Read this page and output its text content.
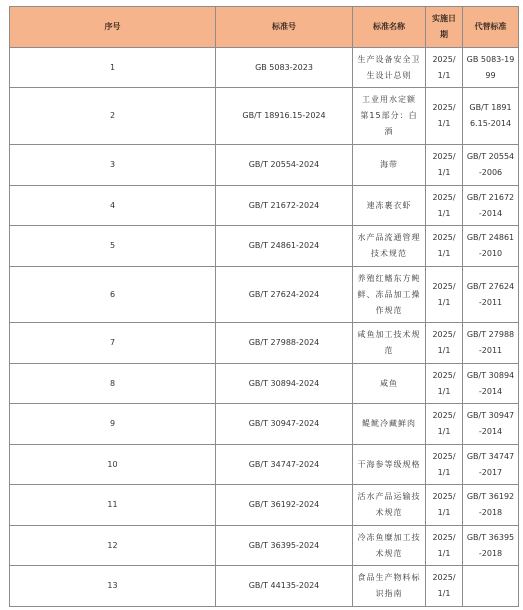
序号	标准号	标准名称	实施日期	代替标准
1	GB 5083-2023	生产设备安全卫生设计总则	2025/1/1	GB 5083-1999
2	GB/T 18916.15-2024	工业用水定额 第15部分：白酒	2025/1/1	GB/T 18916.15-2014
3	GB/T 20554-2024	海带	2025/1/1	GB/T 20554-2006
4	GB/T 21672-2024	速冻裹衣虾	2025/1/1	GB/T 21672-2014
5	GB/T 24861-2024	水产品流通管理技术规范	2025/1/1	GB/T 24861-2010
6	GB/T 27624-2024	养殖红鳍东方鲀鲜、冻品加工操作规范	2025/1/1	GB/T 27624-2011
7	GB/T 27988-2024	咸鱼加工技术规范	2025/1/1	GB/T 27988-2011
8	GB/T 30894-2024	咸鱼	2025/1/1	GB/T 30894-2014
9	GB/T 30947-2024	鳀鱿冷藏鲜肉	2025/1/1	GB/T 30947-2014
10	GB/T 34747-2024	干海参等级规格	2025/1/1	GB/T 34747-2017
11	GB/T 36192-2024	活水产品运输技术规范	2025/1/1	GB/T 36192-2018
12	GB/T 36395-2024	冷冻鱼糜加工技术规范	2025/1/1	GB/T 36395-2018
13	GB/T 44135-2024	食品生产物料标识指南	2025/1/1	
